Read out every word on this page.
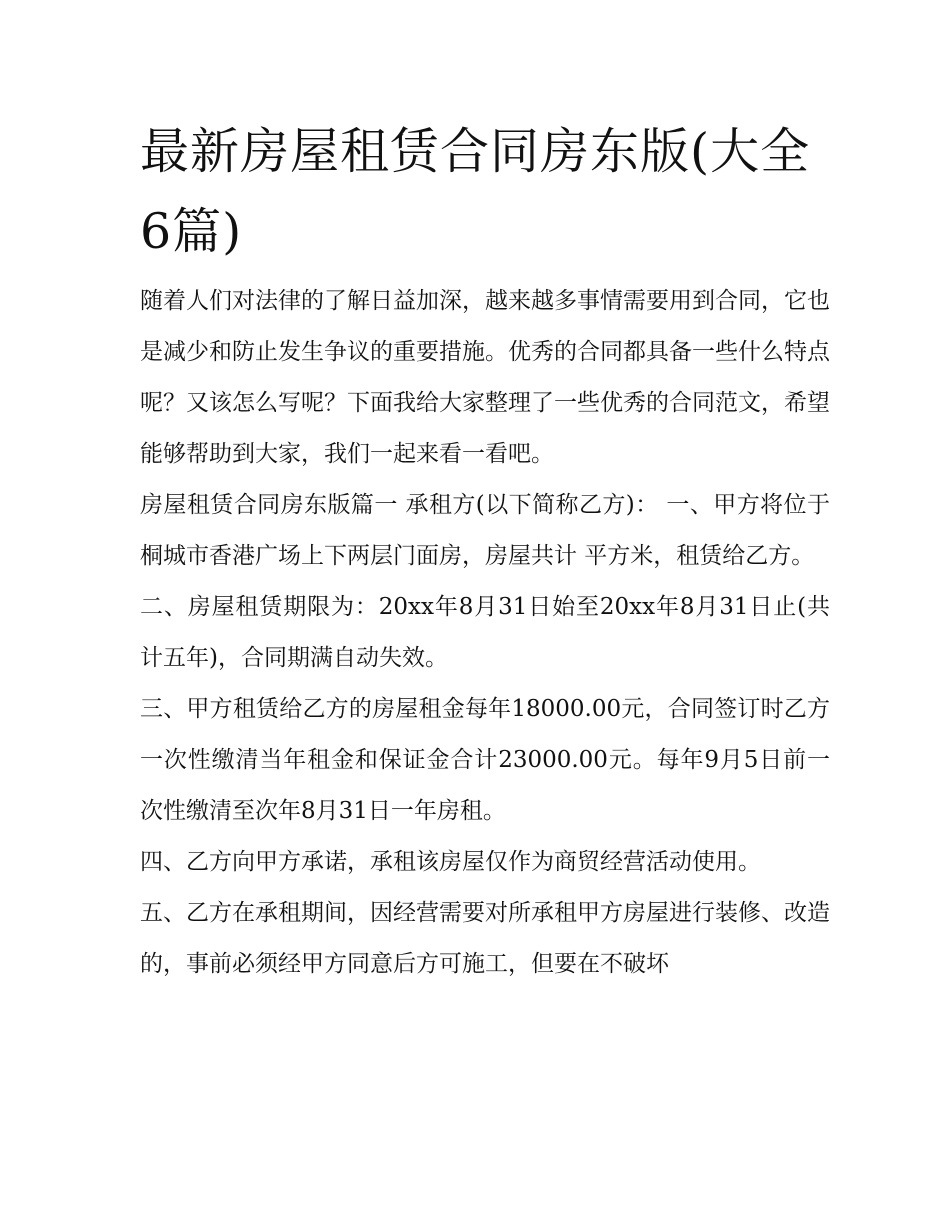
最新房屋租赁合同房东版(大全6篇)

随着人们对法律的了解日益加深，越来越多事情需要用到合同，它也是减少和防止发生争议的重要措施。优秀的合同都具备一些什么特点呢？又该怎么写呢？下面我给大家整理了一些优秀的合同范文，希望能够帮助到大家，我们一起来看一看吧。

房屋租赁合同房东版篇一 承租方(以下简称乙方)： 一、甲方将位于桐城市香港广场上下两层门面房，房屋共计 平方米，租赁给乙方。

二、房屋租赁期限为：20xx年8月31日始至20xx年8月31日止(共计五年)，合同期满自动失效。

三、甲方租赁给乙方的房屋租金每年18000.00元，合同签订时乙方一次性缴清当年租金和保证金合计23000.00元。每年9月5日前一次性缴清至次年8月31日一年房租。

四、乙方向甲方承诺，承租该房屋仅作为商贸经营活动使用。

五、乙方在承租期间，因经营需要对所承租甲方房屋进行装修、改造的，事前必须经甲方同意后方可施工，但要在不破坏
